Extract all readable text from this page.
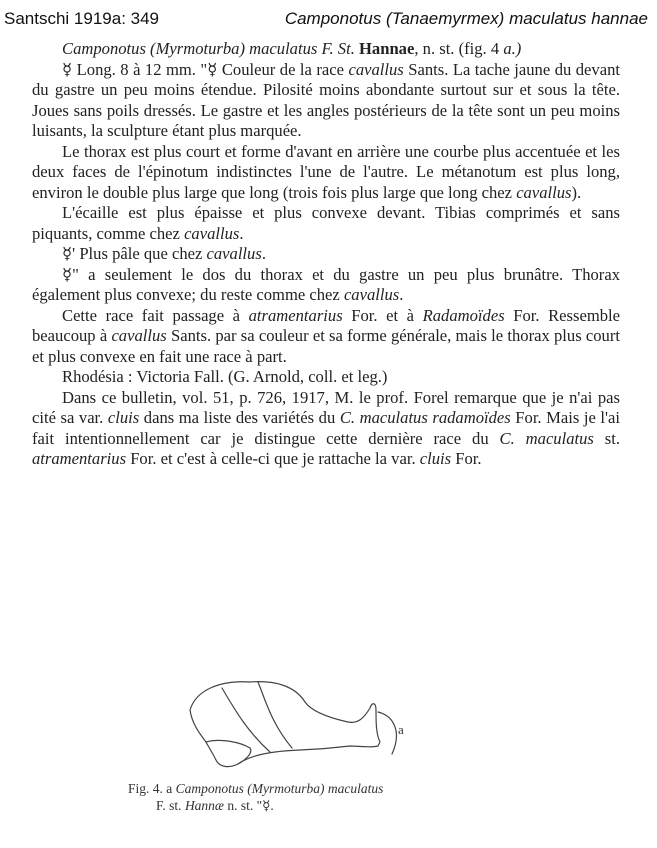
Santschi 1919a: 349	Camponotus (Tanaemyrmex) maculatus hannae

Camponotus (Myrmoturba) maculatus F. St. Hannae, n. st. (fig. 4 a.)

☿ Long. 8 à 12 mm. "☿ Couleur de la race cavallus Sants. La tache jaune du devant du gastre un peu moins étendue. Pilosité moins abondante surtout sur et sous la tête. Joues sans poils dressés. Le gastre et les angles postérieurs de la tête sont un peu moins luisants, la sculpture étant plus marquée.

Le thorax est plus court et forme d'avant en arrière une courbe plus accentuée et les deux faces de l'épinotum indistinctes l'une de l'autre. Le métanotum est plus long, environ le double plus large que long (trois fois plus large que long chez cavallus).

L'écaille est plus épaisse et plus convexe devant. Tibias comprimés et sans piquants, comme chez cavallus.

☿' Plus pâle que chez cavallus.

☿" a seulement le dos du thorax et du gastre un peu plus brunâtre. Thorax également plus convexe; du reste comme chez cavallus.

Cette race fait passage à atramentarius For. et à Radamoïdes For. Ressemble beaucoup à cavallus Sants. par sa couleur et sa forme générale, mais le thorax plus court et plus convexe en fait une race à part.

Rhodésia : Victoria Fall. (G. Arnold, coll. et leg.)

Dans ce bulletin, vol. 51, p. 726, 1917, M. le prof. Forel remarque que je n'ai pas cité sa var. cluis dans ma liste des variétés du C. maculatus radamoïdes For. Mais je l'ai fait intentionnellement car je distingue cette dernière race du C. maculatus st. atramentarius For. et c'est à celle-ci que je rattache la var. cluis For.

a
Fig. 4. a Camponotus (Myrmoturba) maculatus
F. st. Hannæ n. st. "☿.
